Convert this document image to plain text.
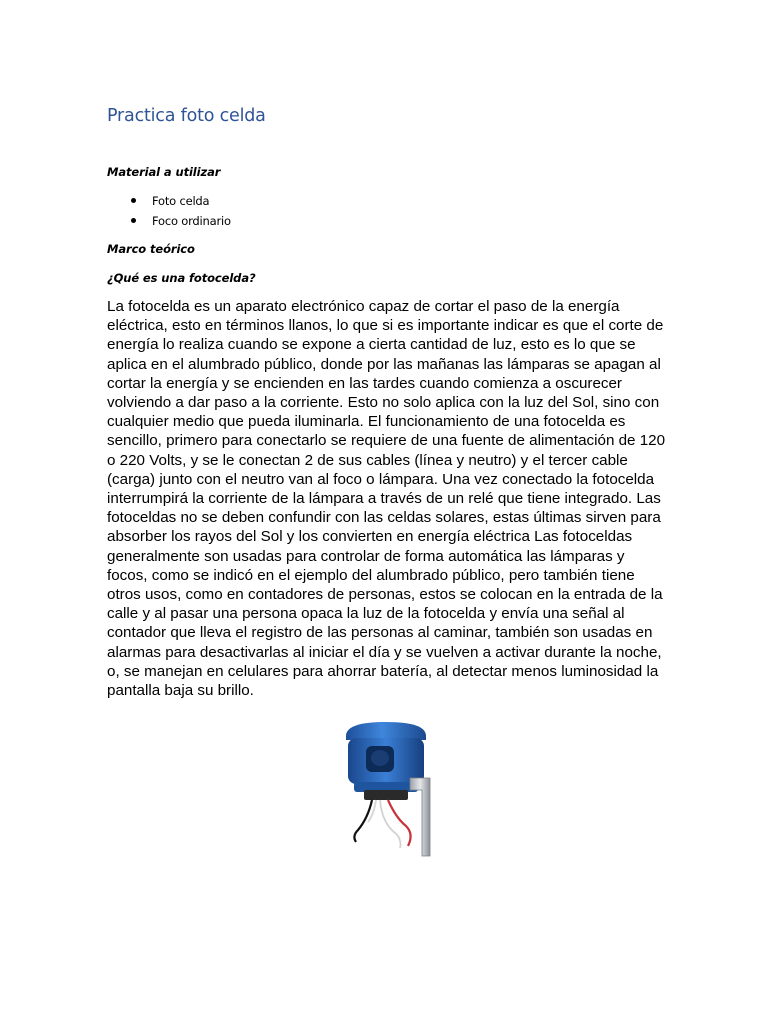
Practica foto celda
Material a utilizar
Foto celda
Foco ordinario
Marco teórico
¿Qué es una fotocelda?

La fotocelda es un aparato electrónico capaz de cortar el paso de la energía eléctrica, esto en términos llanos, lo que si es importante indicar es que el corte de energía lo realiza cuando se expone a cierta cantidad de luz, esto es lo que se aplica en el alumbrado público, donde por las mañanas las lámparas se apagan al cortar la energía y se encienden en las tardes cuando comienza a oscurecer volviendo a dar paso a la corriente. Esto no solo aplica con la luz del Sol, sino con cualquier medio que pueda iluminarla. El funcionamiento de una fotocelda es sencillo, primero para conectarlo se requiere de una fuente de alimentación de 120 o 220 Volts, y se le conectan 2 de sus cables (línea y neutro) y el tercer cable (carga) junto con el neutro van al foco o lámpara. Una vez conectado la fotocelda interrumpirá la corriente de la lámpara a través de un relé que tiene integrado. Las fotoceldas no se deben confundir con las celdas solares, estas últimas sirven para absorber los rayos del Sol y los convierten en energía eléctrica Las fotoceldas generalmente son usadas para controlar de forma automática las lámparas y focos, como se indicó en el ejemplo del alumbrado público, pero también tiene otros usos, como en contadores de personas, estos se colocan en la entrada de la calle y al pasar una persona opaca la luz de la fotocelda y envía una señal al contador que lleva el registro de las personas al caminar, también son usadas en alarmas para desactivarlas al iniciar el día y se vuelven a activar durante la noche, o, se manejan en celulares para ahorrar batería, al detectar menos luminosidad la pantalla baja su brillo.
